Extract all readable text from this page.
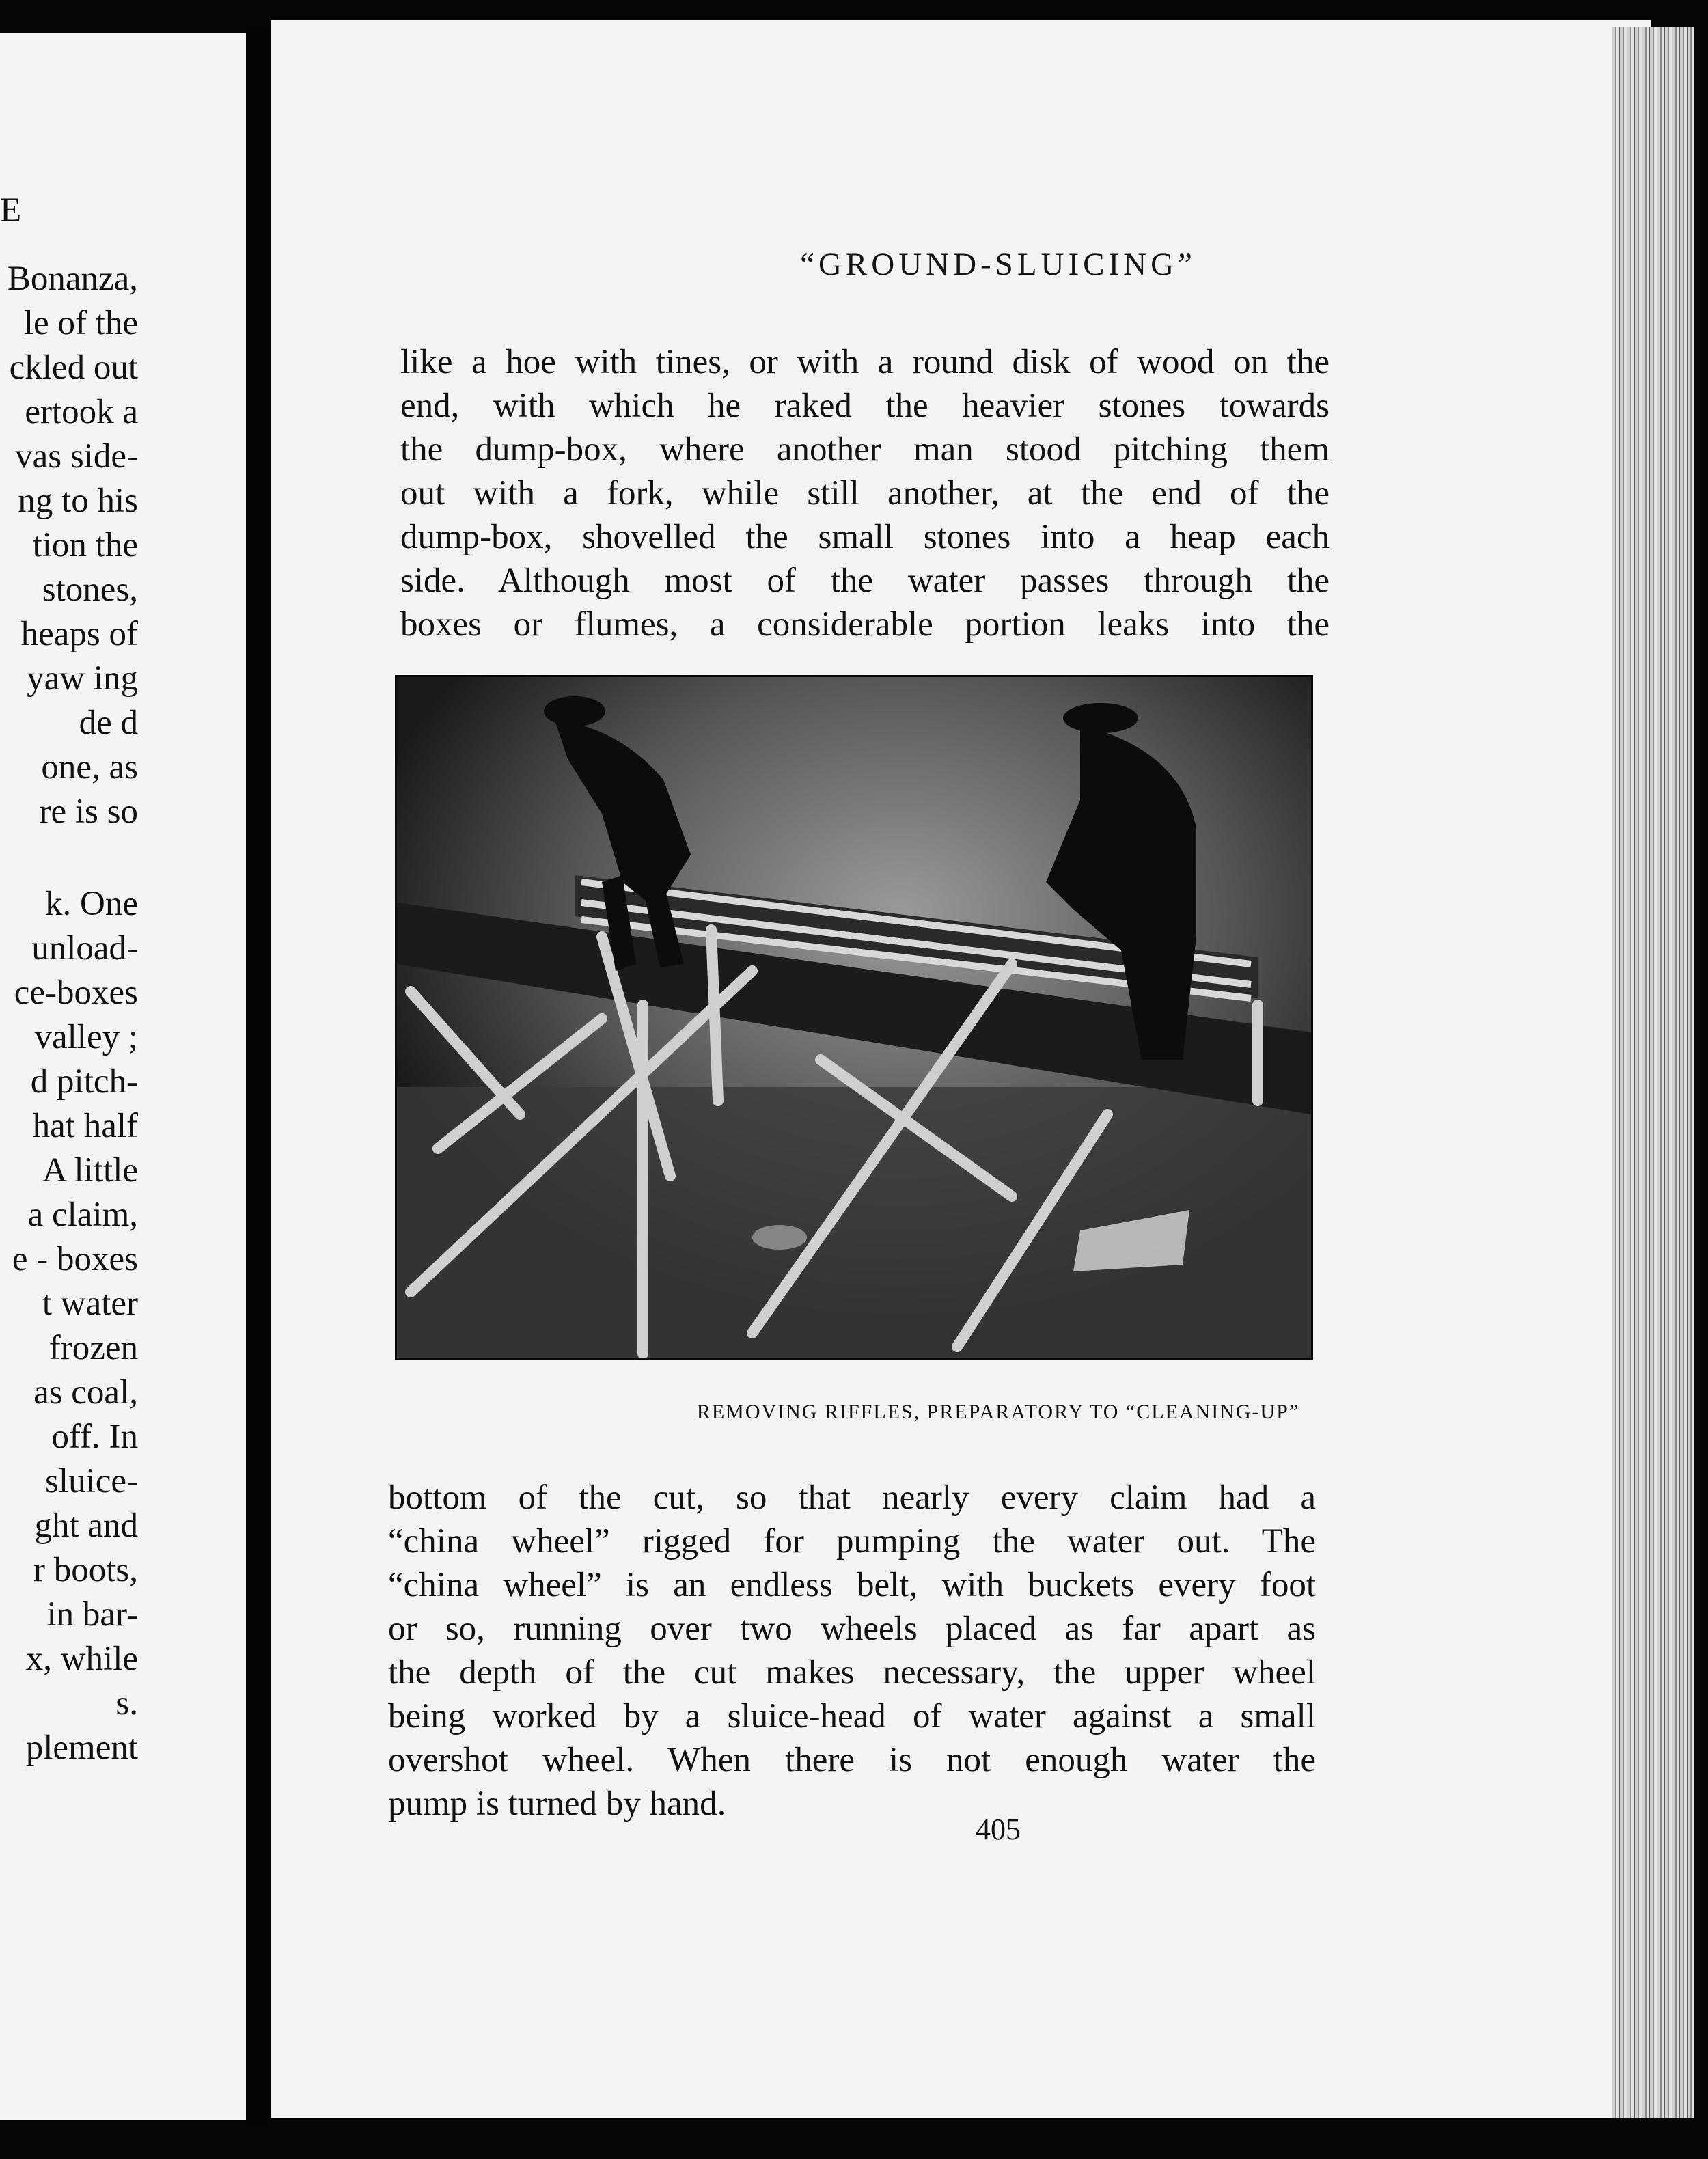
E
Bonanza,
le of the
ckled out
ertook a
vas side-
ng to his
tion the
stones,
heaps of
yaw ing
de d
one, as
re is so
k. One
unload-
ce-boxes
valley ;
d pitch-
hat half
A little
a claim,
e - boxes
t water
frozen
as coal,
off. In
sluice-
ght and
r boots,
in bar-
x, while
s.
plement
“GROUND-SLUICING”
like a hoe with tines, or with a round disk of wood on the
end, with which he raked the heavier stones towards
the dump-box, where another man stood pitching them
out with a fork, while still another, at the end of the
dump-box, shovelled the small stones into a heap each
side. Although most of the water passes through the
boxes or flumes, a considerable portion leaks into the
REMOVING RIFFLES, PREPARATORY TO “CLEANING-UP”
bottom of the cut, so that nearly every claim had a
“china wheel” rigged for pumping the water out. The
“china wheel” is an endless belt, with buckets every foot
or so, running over two wheels placed as far apart as
the depth of the cut makes necessary, the upper wheel
being worked by a sluice-head of water against a small
overshot wheel. When there is not enough water the
pump is turned by hand.
405
